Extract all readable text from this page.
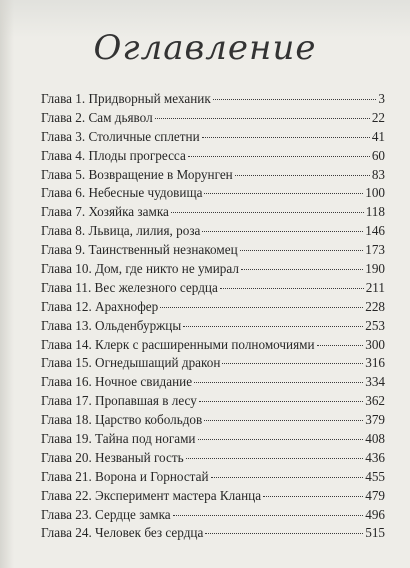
Оглавление
Глава 1. Придворный механик	3
Глава 2. Сам дьявол	22
Глава 3. Столичные сплетни	41
Глава 4. Плоды прогресса	60
Глава 5. Возвращение в Морунген	83
Глава 6. Небесные чудовища	100
Глава 7. Хозяйка замка	118
Глава 8. Львица, лилия, роза	146
Глава 9. Таинственный незнакомец	173
Глава 10. Дом, где никто не умирал	190
Глава 11. Вес железного сердца	211
Глава 12. Арахнофер	228
Глава 13. Ольденбуржцы	253
Глава 14. Клерк с расширенными полномочиями	300
Глава 15. Огнедышащий дракон	316
Глава 16. Ночное свидание	334
Глава 17. Пропавшая в лесу	362
Глава 18. Царство кобольдов	379
Глава 19. Тайна под ногами	408
Глава 20. Незваный гость	436
Глава 21. Ворона и Горностай	455
Глава 22. Эксперимент мастера Кланца	479
Глава 23. Сердце замка	496
Глава 24. Человек без сердца	515
